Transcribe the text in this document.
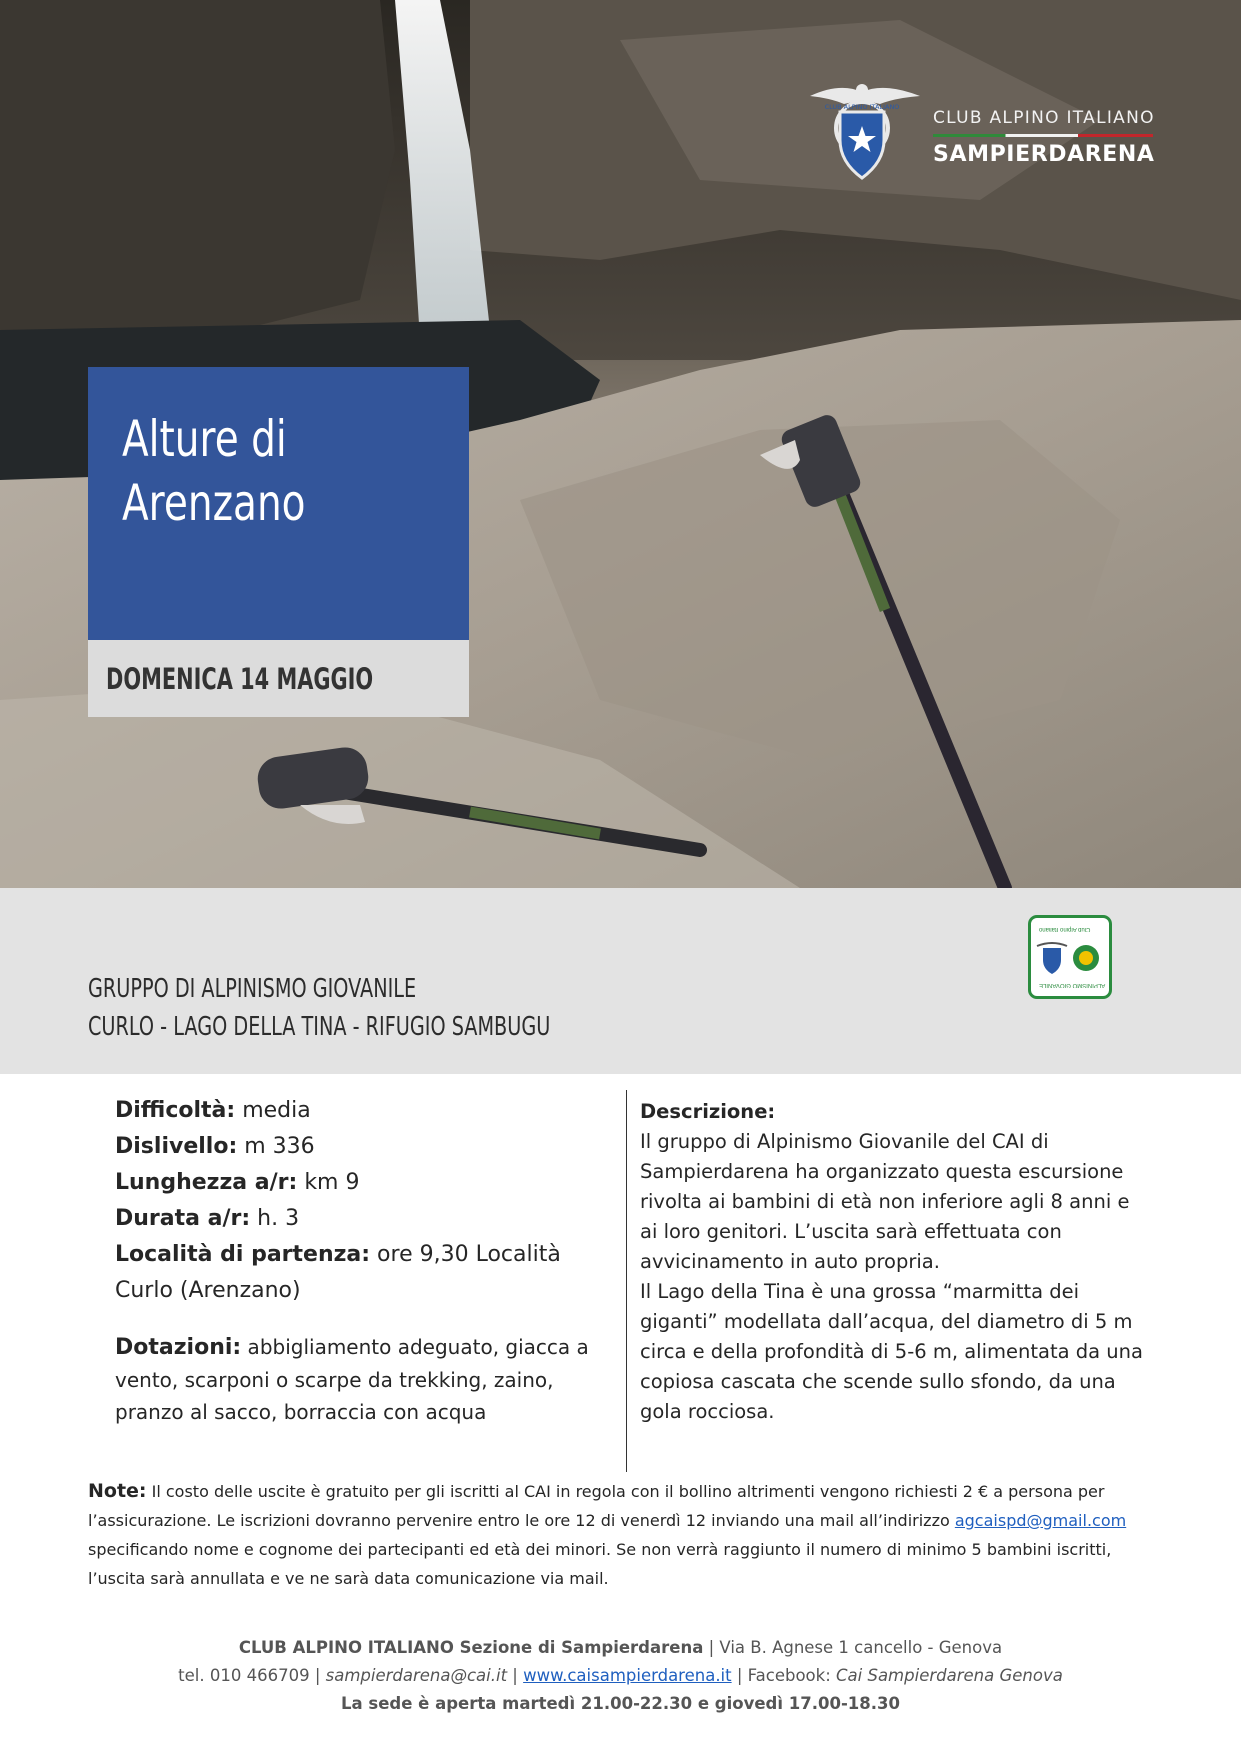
CLUB ALPINO ITALIANO
CLUB ALPINO ITALIANO
SAMPIERDARENA
Alture di
Arenzano
DOMENICA 14 MAGGIO
GRUPPO DI ALPINISMO GIOVANILE
CURLO - LAGO DELLA TINA - RIFUGIO SAMBUGU
Club Alpino Italiano
ALPINISMO GIOVANILE
Difficoltà: media
Dislivello: m 336
Lunghezza a/r: km 9
Durata a/r: h. 3
Località di partenza: ore 9,30 Località Curlo (Arenzano)
Dotazioni: abbigliamento adeguato, giacca a vento, scarponi o scarpe da trekking, zaino, pranzo al sacco, borraccia con acqua

Descrizione:

Il gruppo di Alpinismo Giovanile del CAI di Sampierdarena ha organizzato questa escursione rivolta ai bambini di età non inferiore agli 8 anni e ai loro genitori. L’uscita sarà effettuata con avvicinamento in auto propria.

Il Lago della Tina è una grossa “marmitta dei giganti” modellata dall’acqua, del diametro di 5 m circa e della profondità di 5-6 m, alimentata da una copiosa cascata che scende sullo sfondo, da una gola rocciosa.

Note: Il costo delle uscite è gratuito per gli iscritti al CAI in regola con il bollino altrimenti vengono richiesti 2 € a persona per l’assicurazione. Le iscrizioni dovranno pervenire entro le ore 12 di venerdì 12 inviando una mail all’indirizzo agcaispd@gmail.com specificando nome e cognome dei partecipanti ed età dei minori. Se non verrà raggiunto il numero di minimo 5 bambini iscritti, l’uscita sarà annullata e ve ne sarà data comunicazione via mail.
CLUB ALPINO ITALIANO Sezione di Sampierdarena | Via B. Agnese 1 cancello - Genova
tel. 010 466709 | sampierdarena@cai.it | www.caisampierdarena.it | Facebook: Cai Sampierdarena Genova
La sede è aperta martedì 21.00-22.30 e giovedì 17.00-18.30
